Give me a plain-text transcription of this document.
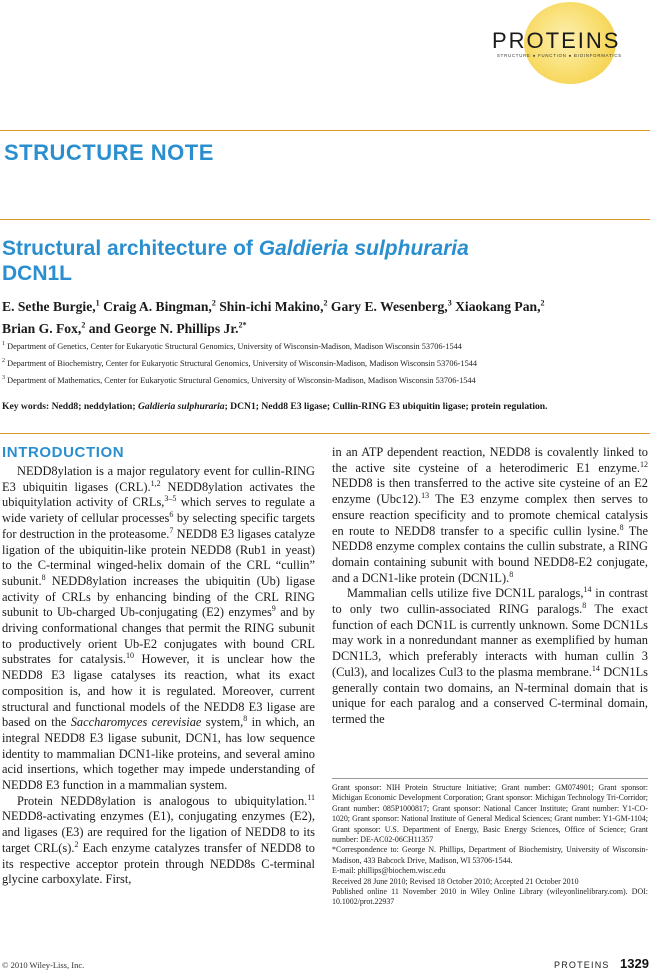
PROTEINS
STRUCTURE ● FUNCTION ● BIOINFORMATICS
STRUCTURE NOTE
Structural architecture of Galdieria sulphuraria
DCN1L
E. Sethe Burgie,$^1$ Craig A. Bingman,$^2$ Shin-ichi Makino,$^2$ Gary E. Wesenberg,$^3$ Xiaokang Pan,$^2$
Brian G. Fox,$^2$ and George N. Phillips Jr.$^{2*}$
$^1$ Department of Genetics, Center for Eukaryotic Structural Genomics, University of Wisconsin-Madison, Madison Wisconsin 53706-1544
$^2$ Department of Biochemistry, Center for Eukaryotic Structural Genomics, University of Wisconsin-Madison, Madison Wisconsin 53706-1544
$^3$ Department of Mathematics, Center for Eukaryotic Structural Genomics, University of Wisconsin-Madison, Madison Wisconsin 53706-1544
Key words: Nedd8; neddylation; Galdieria sulphuraria; DCN1; Nedd8 E3 ligase; Cullin-RING E3 ubiquitin ligase; protein regulation.
INTRODUCTION

NEDD8ylation is a major regulatory event for cullin-RING E3 ubiquitin ligases (CRL).$^{1,2}$ NEDD8ylation activates the ubiquitylation activity of CRLs,$^{3-5}$ which serves to regulate a wide variety of cellular processes$^6$ by selecting specific targets for destruction in the proteasome.$^7$ NEDD8 E3 ligases catalyze ligation of the ubiquitin-like protein NEDD8 (Rub1 in yeast) to the C-terminal winged-helix domain of the CRL “cullin” subunit.$^8$ NEDD8ylation increases the ubiquitin (Ub) ligase activity of CRLs by enhancing binding of the CRL RING subunit to Ub-charged Ub-conjugating (E2) enzymes$^9$ and by driving conformational changes that permit the RING subunit to productively orient Ub-E2 conjugates with bound CRL substrates for catalysis.$^{10}$ However, it is unclear how the NEDD8 E3 ligase catalyses its reaction, what its exact composition is, and how it is regulated. Moreover, current structural and functional models of the NEDD8 E3 ligase are based on the Saccharomyces cerevisiae system,$^8$ in which, an integral NEDD8 E3 ligase subunit, DCN1, has low sequence identity to mammalian DCN1-like proteins, and several amino acid insertions, which together may impede understanding of NEDD8 E3 function in a mammalian system.

Protein NEDD8ylation is analogous to ubiquitylation.$^{11}$ NEDD8-activating enzymes (E1), conjugating enzymes (E2), and ligases (E3) are required for the ligation of NEDD8 to its target CRL(s).$^2$ Each enzyme catalyzes transfer of NEDD8 to its respective acceptor protein through NEDD8s C-terminal glycine carboxylate. First,

in an ATP dependent reaction, NEDD8 is covalently linked to the active site cysteine of a heterodimeric E1 enzyme.$^{12}$ NEDD8 is then transferred to the active site cysteine of an E2 enzyme (Ubc12).$^{13}$ The E3 enzyme complex then serves to ensure reaction specificity and to promote chemical catalysis en route to NEDD8 transfer to a specific cullin lysine.$^8$ The NEDD8 enzyme complex contains the cullin substrate, a RING domain containing subunit with bound NEDD8-E2 conjugate, and a DCN1-like protein (DCN1L).$^8$

Mammalian cells utilize five DCN1L paralogs,$^{14}$ in contrast to only two cullin-associated RING paralogs.$^8$ The exact function of each DCN1L is currently unknown. Some DCN1Ls may work in a nonredundant manner as exemplified by human DCN1L3, which preferably interacts with human cullin 3 (Cul3), and localizes Cul3 to the plasma membrane.$^{14}$ DCN1Ls generally contain two domains, an N-terminal domain that is unique for each paralog and a conserved C-terminal domain, termed the

Grant sponsor: NIH Protein Structure Initiative; Grant number: GM074901; Grant sponsor: Michigan Economic Development Corporation; Grant sponsor: Michigan Technology Tri-Corridor; Grant number: 085P1000817; Grant sponsor: National Cancer Institute; Grant number: Y1-CO-1020; Grant sponsor: National Institute of General Medical Sciences; Grant number: Y1-GM-1104; Grant sponsor: U.S. Department of Energy, Basic Energy Sciences, Office of Science; Grant number: DE-AC02-06CH11357
*Correspondence to: George N. Phillips, Department of Biochemistry, University of Wisconsin-Madison, 433 Babcock Drive, Madison, WI 53706-1544.
E-mail: phillips@biochem.wisc.edu
Received 28 June 2010; Revised 18 October 2010; Accepted 21 October 2010
Published online 11 November 2010 in Wiley Online Library (wileyonlinelibrary.com). DOI: 10.1002/prot.22937
© 2010 Wiley-Liss, Inc.	PROTEINS 1329
